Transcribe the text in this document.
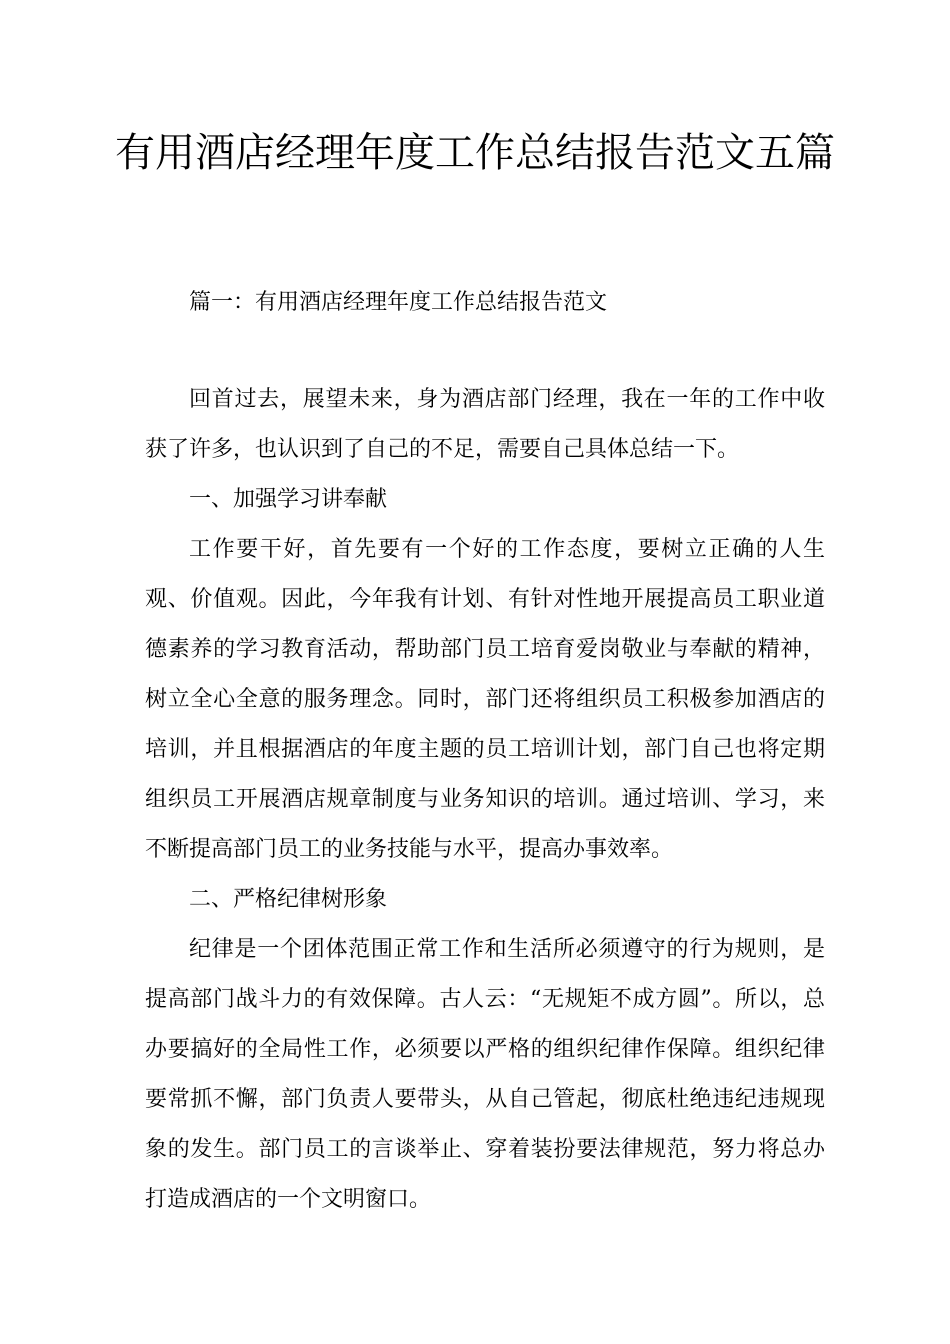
有用酒店经理年度工作总结报告范文五篇

篇一：有用酒店经理年度工作总结报告范文

回首过去，展望未来，身为酒店部门经理，我在一年的工作中收获了许多，也认识到了自己的不足，需要自己具体总结一下。

一、加强学习讲奉献

工作要干好，首先要有一个好的工作态度，要树立正确的人生观、价值观。因此，今年我有计划、有针对性地开展提高员工职业道德素养的学习教育活动，帮助部门员工培育爱岗敬业与奉献的精神，树立全心全意的服务理念。同时，部门还将组织员工积极参加酒店的培训，并且根据酒店的年度主题的员工培训计划，部门自己也将定期组织员工开展酒店规章制度与业务知识的培训。通过培训、学习，来不断提高部门员工的业务技能与水平，提高办事效率。

二、严格纪律树形象

纪律是一个团体范围正常工作和生活所必须遵守的行为规则，是提高部门战斗力的有效保障。古人云：“无规矩不成方圆”。所以，总办要搞好的全局性工作，必须要以严格的组织纪律作保障。组织纪律要常抓不懈，部门负责人要带头，从自己管起，彻底杜绝违纪违规现象的发生。部门员工的言谈举止、穿着装扮要法律规范，努力将总办打造成酒店的一个文明窗口。
